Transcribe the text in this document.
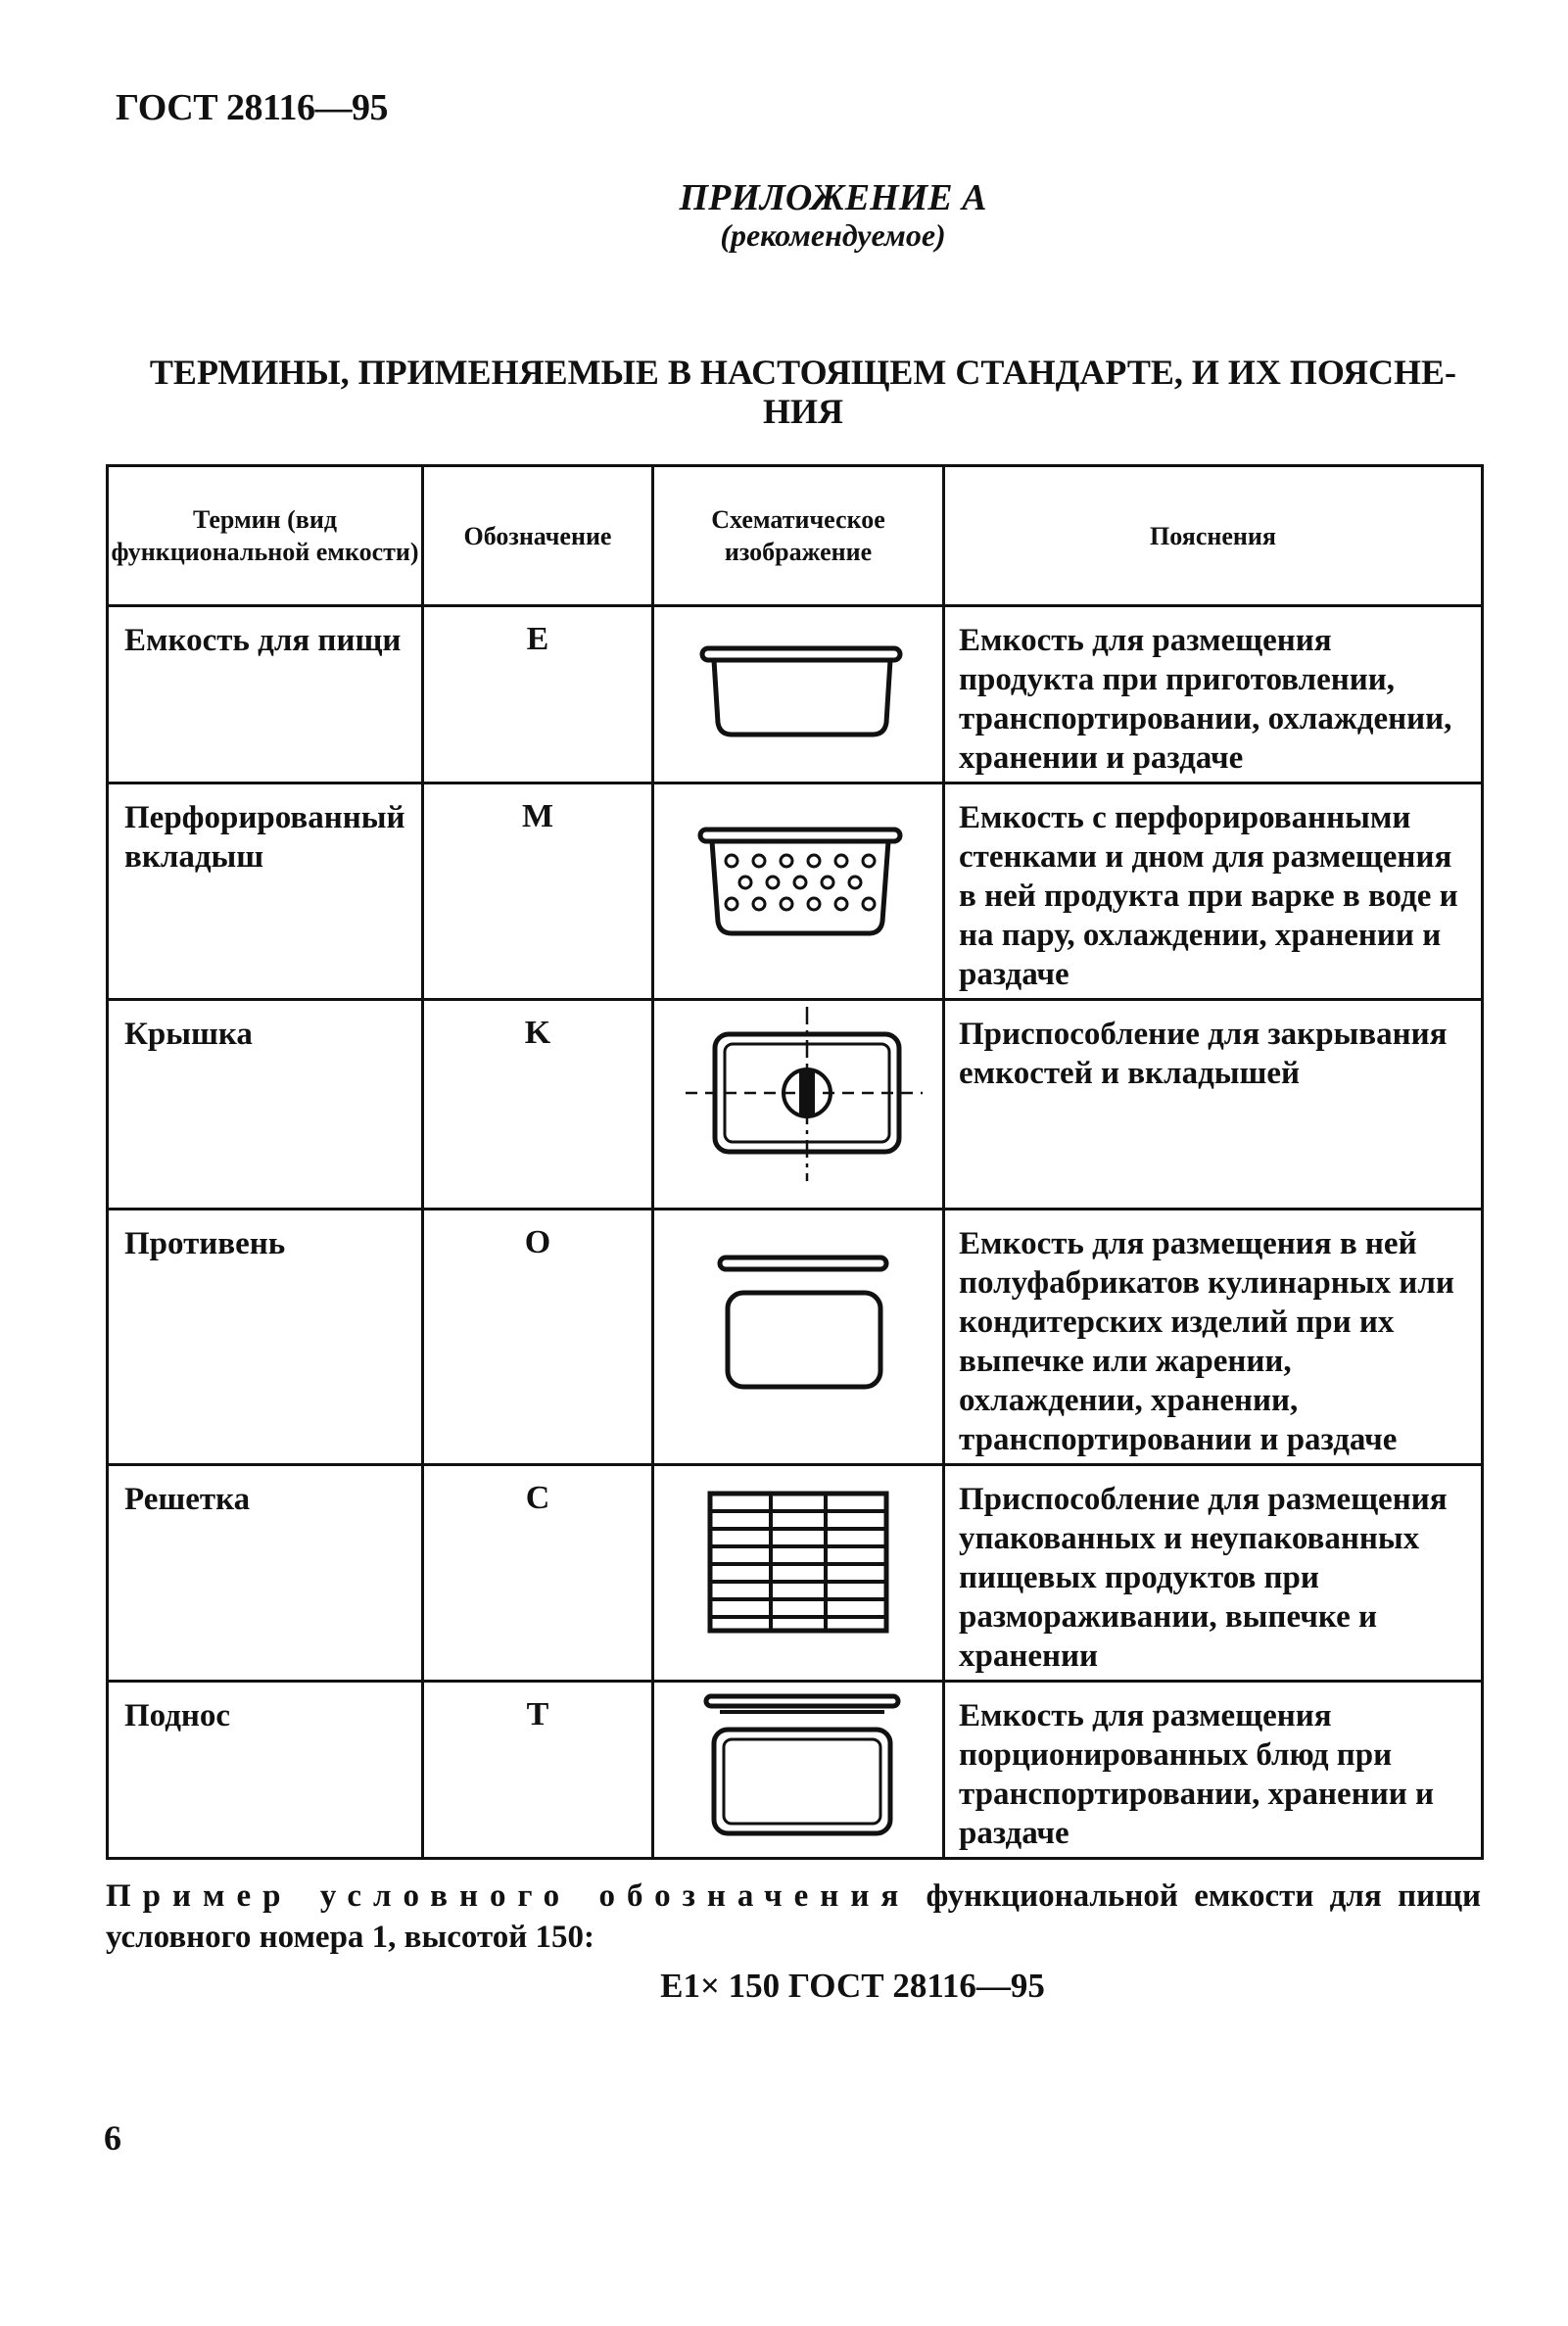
ГОСТ 28116—95
ПРИЛОЖЕНИЕ А
(рекомендуемое)
ТЕРМИНЫ, ПРИМЕНЯЕМЫЕ В НАСТОЯЩЕМ СТАНДАРТЕ, И ИХ ПОЯСНЕ-
НИЯ
Термин (вид функциональной емкости)	Обозначение	Схематическое изображение	Пояснения
Емкость для пищи	E		Емкость для размещения продукта при приготовлении, транспортировании, охлаждении, хранении и раздаче
Перфорированный вкладыш	M		Емкость с перфорированными стенками и дном для размещения в ней продукта при варке в воде и на пару, охлаждении, хранении и раздаче
Крышка	K		Приспособление для закрывания емкостей и вкладышей
Противень	O		Емкость для размещения в ней полуфабрикатов кулинарных или кондитерских изделий при их выпечке или жарении, охлаждении, хранении, транспортировании и раздаче
Решетка	C		Приспособление для размещения упакованных и неупакованных пищевых продуктов при размораживании, выпечке и хранении
Поднос	T		Емкость для размещения порционированных блюд при транспортировании, хранении и раздаче
Пример условного обозначения функциональной емкости для пищи условного номера 1, высотой 150:
E1× 150 ГОСТ 28116—95
6
